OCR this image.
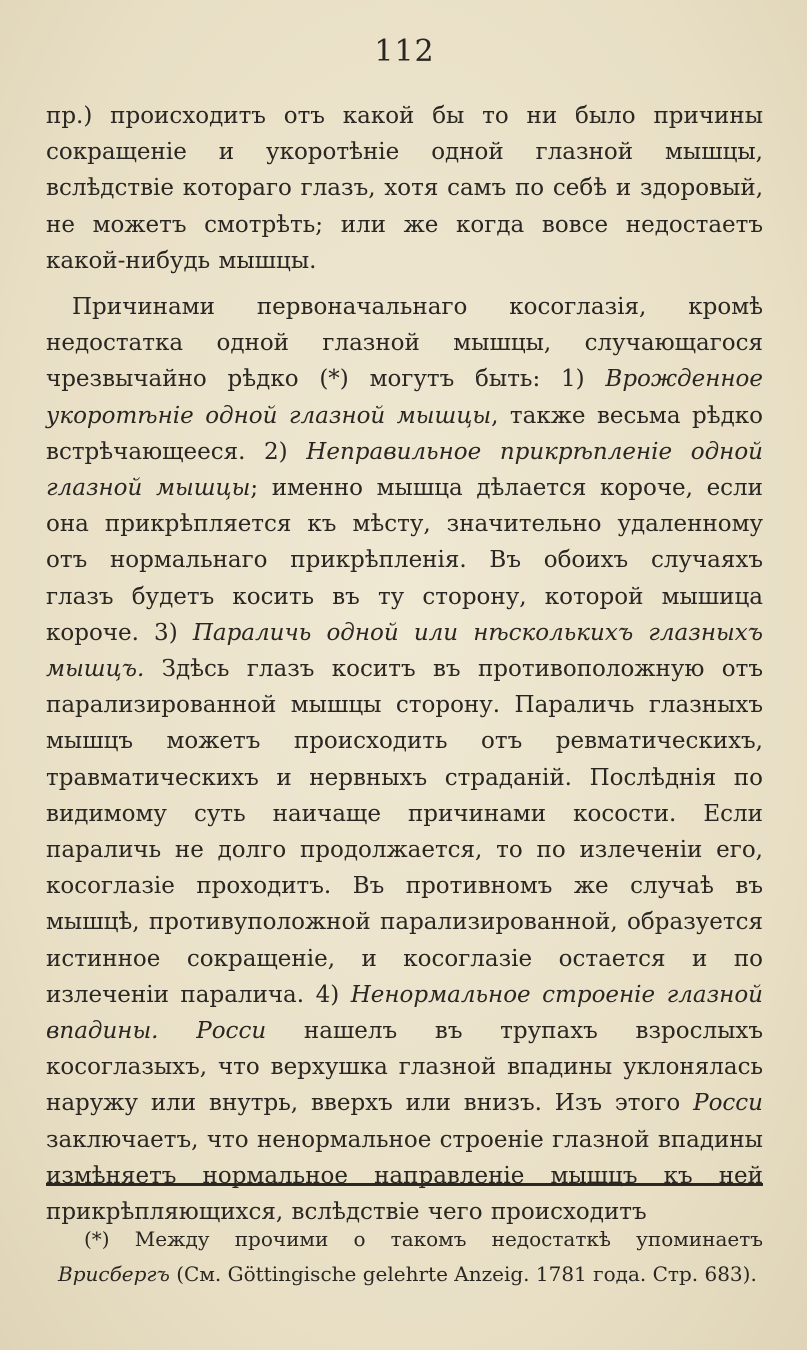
112

пр.) происходитъ отъ какой бы то ни было причины сокращеніе и укоротѣніе одной глазной мышцы, вслѣдствіе котораго глазъ, хотя самъ по себѣ и здоровый, не можетъ смотрѣть; или же когда вовсе недостаетъ какой-нибудь мышцы.

Причинами первоначальнаго косоглазія, кромѣ недостатка одной глазной мышцы, случающагося чрезвычайно рѣдко (*) могутъ быть: 1) Врожденное укоротѣніе одной глазной мышцы, также весьма рѣдко встрѣчающееся. 2) Неправильное прикрѣпленіе одной глазной мышцы; именно мышца дѣлается короче, если она прикрѣпляется къ мѣсту, значительно удаленному отъ нормальнаго прикрѣпленія. Въ обоихъ случаяхъ глазъ будетъ косить въ ту сторону, которой мышица короче. 3) Параличь одной или нѣсколькихъ глазныхъ мышцъ. Здѣсь глазъ коситъ въ противоположную отъ парализированной мышцы сторону. Параличь глазныхъ мышцъ можетъ происходить отъ ревматическихъ, травматическихъ и нервныхъ страданій. Послѣднія по видимому суть наичаще причинами косости. Если параличь не долго продолжается, то по излеченіи его, косоглазіе проходитъ. Въ противномъ же случаѣ въ мышцѣ, противуположной парализированной, образуется истинное сокращеніе, и косоглазіе остается и по излеченіи паралича. 4) Ненормальное строеніе глазной впадины. Росси нашелъ въ трупахъ взрослыхъ косоглазыхъ, что верхушка глазной впадины уклонялась наружу или внутрь, вверхъ или внизъ. Изъ этого Росси заключаетъ, что ненормальное строеніе глазной впадины измѣняетъ нормальное направленіе мышцъ къ ней прикрѣпляющихся, вслѣдствіе чего происходитъ

(*) Между прочими о такомъ недостаткѣ упоминаетъ Врисбергъ (См. Göttingische gelehrte Anzeig. 1781 года. Стр. 683).
